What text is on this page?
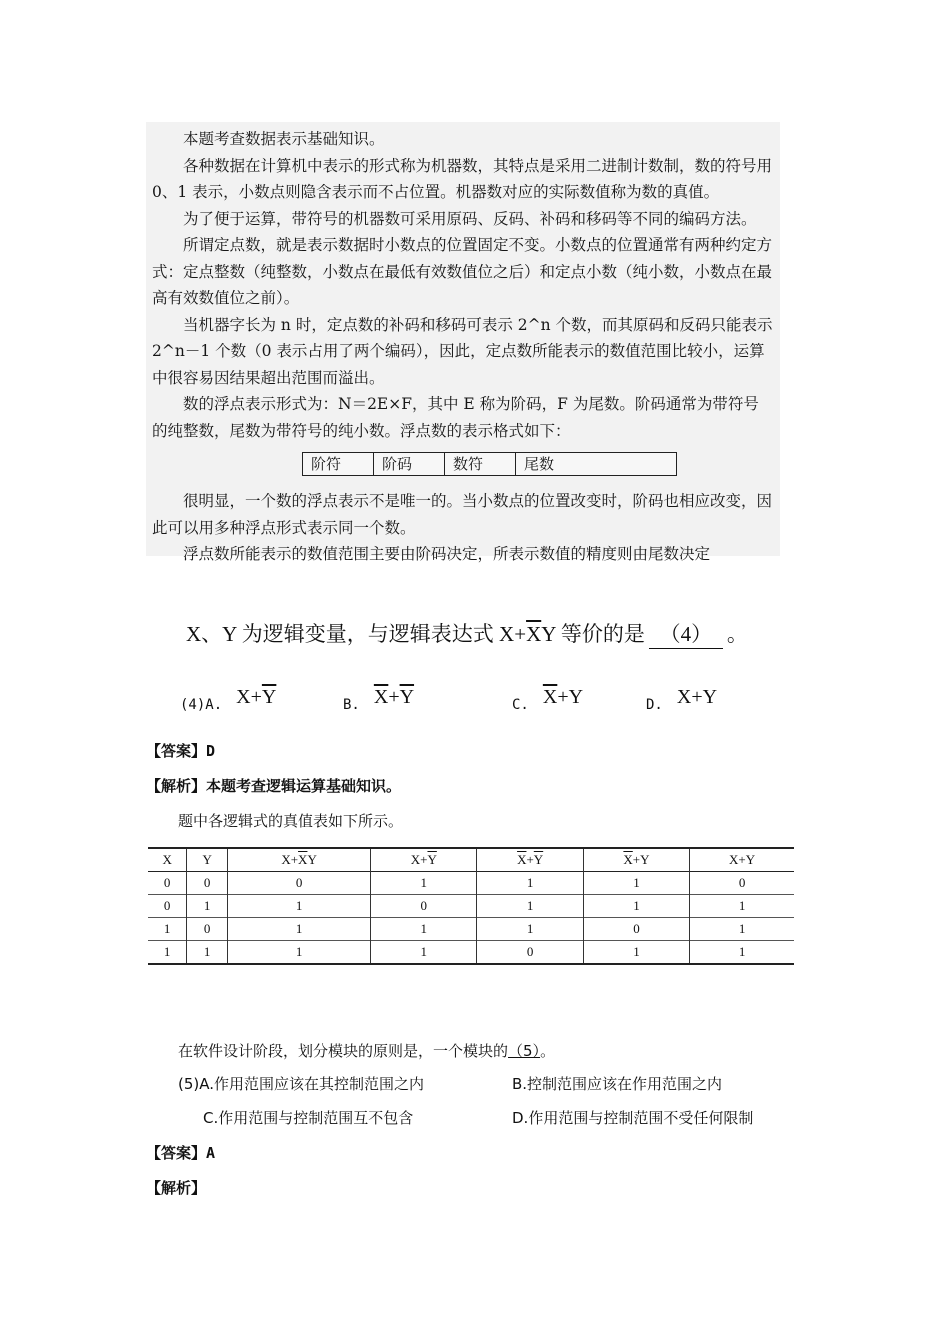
本题考查数据表示基础知识。

各种数据在计算机中表示的形式称为机器数，其特点是采用二进制计数制，数的符号用 0、1 表示，小数点则隐含表示而不占位置。机器数对应的实际数值称为数的真值。

为了便于运算，带符号的机器数可采用原码、反码、补码和移码等不同的编码方法。

所谓定点数，就是表示数据时小数点的位置固定不变。小数点的位置通常有两种约定方式：定点整数（纯整数，小数点在最低有效数值位之后）和定点小数（纯小数，小数点在最高有效数值位之前）。

当机器字长为 n 时，定点数的补码和移码可表示 2^n 个数，而其原码和反码只能表示 2^n－1 个数（0 表示占用了两个编码），因此，定点数所能表示的数值范围比较小，运算中很容易因结果超出范围而溢出。

数的浮点表示形式为：N＝2E×F，其中 E 称为阶码，F 为尾数。阶码通常为带符号的纯整数，尾数为带符号的纯小数。浮点数的表示格式如下：

阶符	阶码	数符	尾数

很明显，一个数的浮点表示不是唯一的。当小数点的位置改变时，阶码也相应改变，因此可以用多种浮点形式表示同一个数。

浮点数所能表示的数值范围主要由阶码决定，所表示数值的精度则由尾数决定

X、Y 为逻辑变量，与逻辑表达式 $X+\overline{X}Y$ 等价的是 （4） 。
(4)A. $X+\overline{Y}$	B. $\overline{X}+\overline{Y}$	C. $\overline{X}+Y$	D. X+Y
【答案】D
【解析】本题考查逻辑运算基础知识。
题中各逻辑式的真值表如下所示。
X	Y	$X+\overline{X}Y$	$X+\overline{Y}$	$\overline{X}+\overline{Y}$	$\overline{X}+Y$	X+Y
0	0	0	1	1	1	0
0	1	1	0	1	1	1
1	0	1	1	1	0	1
1	1	1	1	0	1	1
在软件设计阶段，划分模块的原则是，一个模块的（5）。
(5)A.作用范围应该在其控制范围之内	B.控制范围应该在作用范围之内
C.作用范围与控制范围互不包含	D.作用范围与控制范围不受任何限制
【答案】A
【解析】
